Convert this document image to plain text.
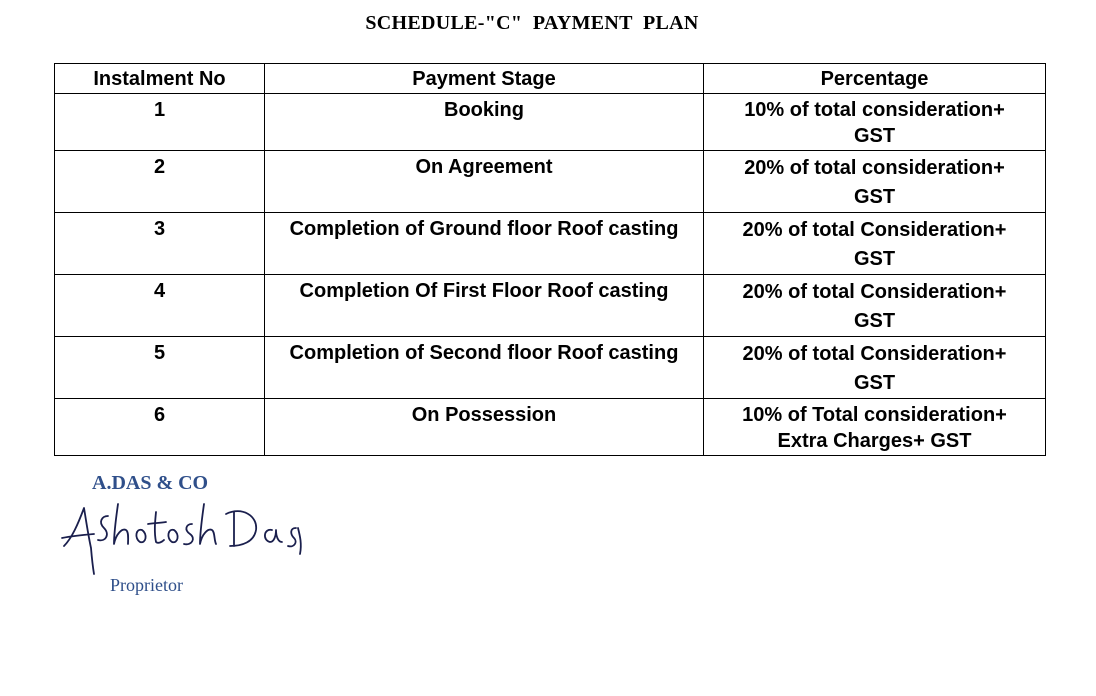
SCHEDULE-"C"  PAYMENT  PLAN
Instalment No	Payment Stage	Percentage
1	Booking	10% of total consideration+
GST

2	On Agreement	20% of total consideration+
GST

3	Completion of Ground floor Roof casting	20% of total Consideration+
GST

4	Completion Of First Floor Roof casting	20% of total Consideration+
GST

5	Completion of Second floor Roof casting	20% of total Consideration+
GST

6	On Possession	10% of Total consideration+
Extra Charges+ GST
A.DAS & CO
Proprietor
